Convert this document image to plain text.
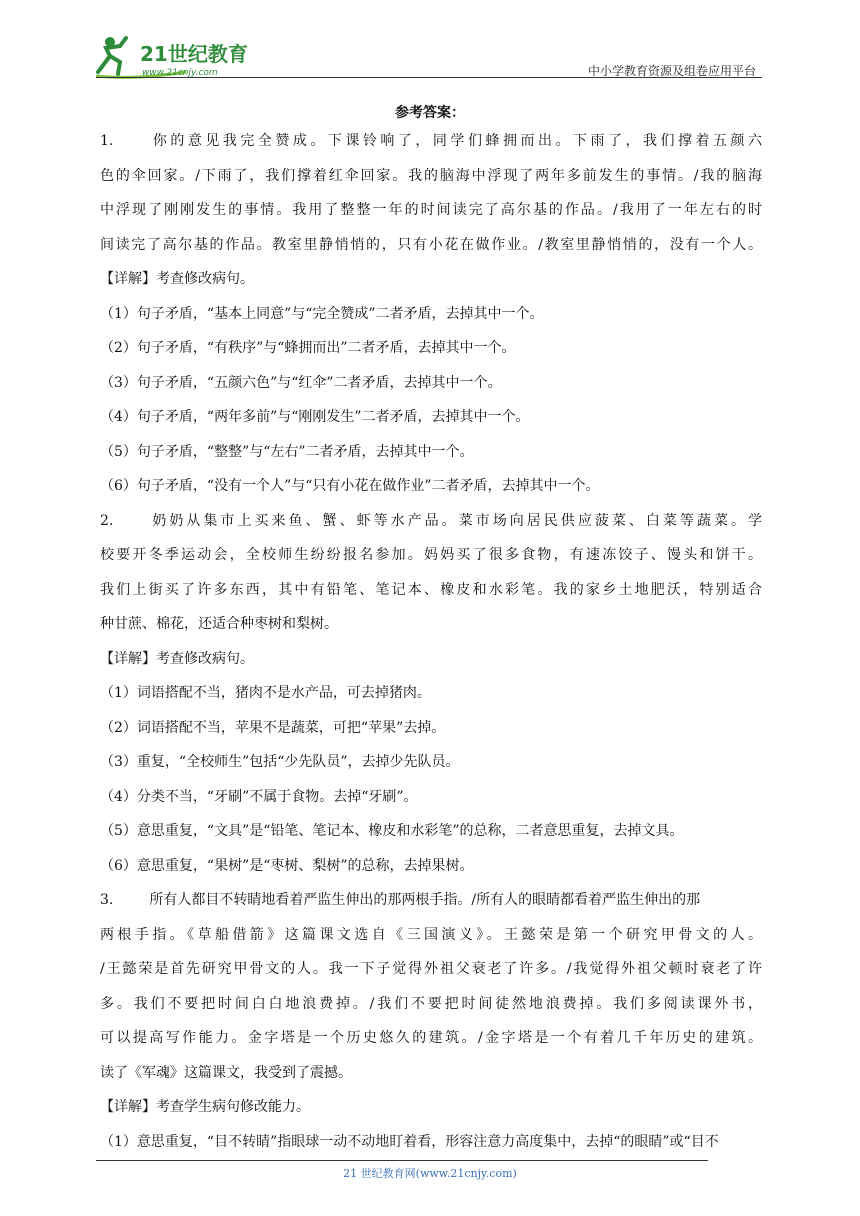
21世纪教育
www.21cnjy.com	中小学教育资源及组卷应用平台
参考答案：
1.	你的意见我完全赞成。下课铃响了，同学们蜂拥而出。下雨了，我们撑着五颜六
色的伞回家。/下雨了，我们撑着红伞回家。我的脑海中浮现了两年多前发生的事情。/我的脑海
中浮现了刚刚发生的事情。我用了整整一年的时间读完了高尔基的作品。/我用了一年左右的时
间读完了高尔基的作品。教室里静悄悄的，只有小花在做作业。/教室里静悄悄的，没有一个人。
【详解】考查修改病句。
（1）句子矛盾，“基本上同意”与“完全赞成”二者矛盾，去掉其中一个。
（2）句子矛盾，“有秩序”与“蜂拥而出”二者矛盾，去掉其中一个。
（3）句子矛盾，“五颜六色”与“红伞”二者矛盾，去掉其中一个。
（4）句子矛盾，“两年多前”与“刚刚发生”二者矛盾，去掉其中一个。
（5）句子矛盾，“整整”与“左右”二者矛盾，去掉其中一个。
（6）句子矛盾，“没有一个人”与“只有小花在做作业”二者矛盾，去掉其中一个。
2.	奶奶从集市上买来鱼、蟹、虾等水产品。菜市场向居民供应菠菜、白菜等蔬菜。学
校要开冬季运动会，全校师生纷纷报名参加。妈妈买了很多食物，有速冻饺子、馒头和饼干。
我们上街买了许多东西，其中有铅笔、笔记本、橡皮和水彩笔。我的家乡土地肥沃，特别适合
种甘蔗、棉花，还适合种枣树和梨树。
【详解】考查修改病句。
（1）词语搭配不当，猪肉不是水产品，可去掉猪肉。
（2）词语搭配不当，苹果不是蔬菜，可把“苹果”去掉。
（3）重复，“全校师生”包括“少先队员”，去掉少先队员。
（4）分类不当，“牙刷”不属于食物。去掉“牙刷”。
（5）意思重复，“文具”是“铅笔、笔记本、橡皮和水彩笔”的总称，二者意思重复，去掉文具。
（6）意思重复，“果树”是“枣树、梨树”的总称，去掉果树。
3.	所有人都目不转睛地看着严监生伸出的那两根手指。/所有人的眼睛都看着严监生伸出的那
两根手指。《草船借箭》这篇课文选自《三国演义》。王懿荣是第一个研究甲骨文的人。
/王懿荣是首先研究甲骨文的人。我一下子觉得外祖父衰老了许多。/我觉得外祖父顿时衰老了许
多。我们不要把时间白白地浪费掉。/我们不要把时间徒然地浪费掉。我们多阅读课外书，
可以提高写作能力。金字塔是一个历史悠久的建筑。/金字塔是一个有着几千年历史的建筑。
读了《军魂》这篇课文，我受到了震撼。
【详解】考查学生病句修改能力。
（1）意思重复，“目不转睛”指眼球一动不动地盯着看，形容注意力高度集中，去掉“的眼睛”或“目不
21 世纪教育网(www.21cnjy.com)
